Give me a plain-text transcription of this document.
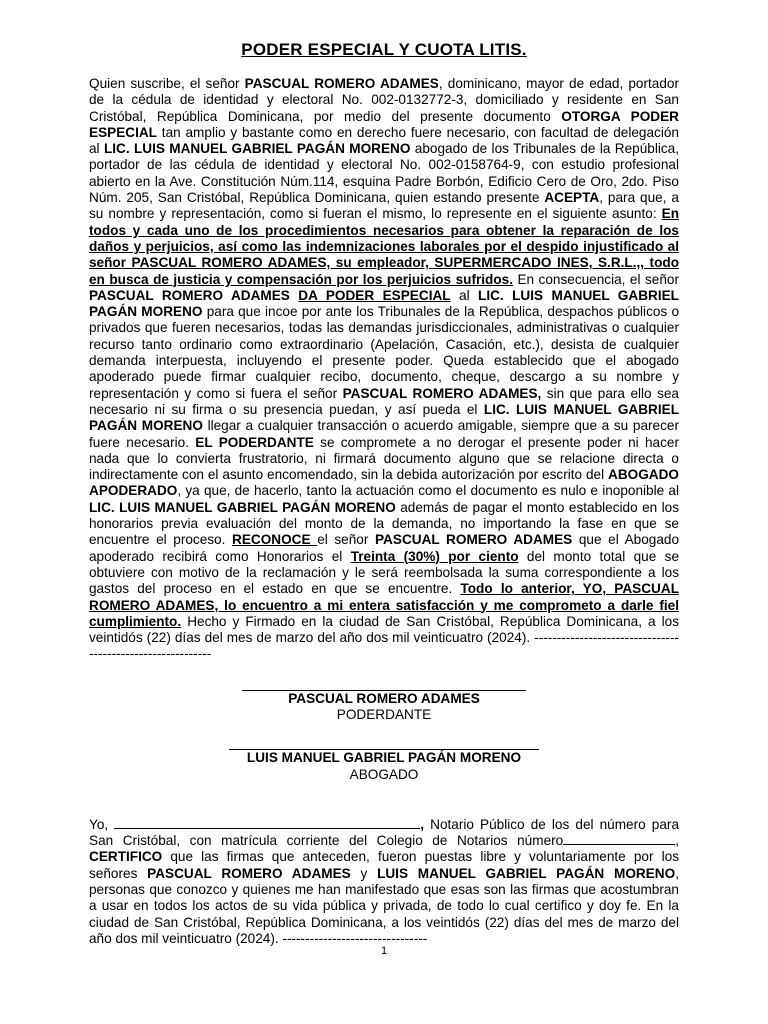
PODER ESPECIAL Y CUOTA LITIS.

Quien suscribe, el señor PASCUAL ROMERO ADAMES, dominicano, mayor de edad, portador de la cédula de identidad y electoral No. 002-0132772-3, domiciliado y residente en San Cristóbal, República Dominicana, por medio del presente documento OTORGA PODER ESPECIAL tan amplio y bastante como en derecho fuere necesario, con facultad de delegación al LIC. LUIS MANUEL GABRIEL PAGÁN MORENO abogado de los Tribunales de la República, portador de las cédula de identidad y electoral No. 002-0158764-9, con estudio profesional abierto en la Ave. Constitución Núm.114, esquina Padre Borbón, Edificio Cero de Oro, 2do. Piso Núm. 205, San Cristóbal, República Dominicana, quien estando presente ACEPTA, para que, a su nombre y representación, como si fueran el mismo, lo represente en el siguiente asunto: En todos y cada uno de los procedimientos necesarios para obtener la reparación de los daños y perjuicios, así como las indemnizaciones laborales por el despido injustificado al señor PASCUAL ROMERO ADAMES, su empleador, SUPERMERCADO INES, S.R.L.,, todo en busca de justicia y compensación por los perjuicios sufridos. En consecuencia, el señor PASCUAL ROMERO ADAMES DA PODER ESPECIAL al LIC. LUIS MANUEL GABRIEL PAGÁN MORENO para que incoe por ante los Tribunales de la República, despachos públicos o privados que fueren necesarios, todas las demandas jurisdiccionales, administrativas o cualquier recurso tanto ordinario como extraordinario (Apelación, Casación, etc.), desista de cualquier demanda interpuesta, incluyendo el presente poder. Queda establecido que el abogado apoderado puede firmar cualquier recibo, documento, cheque, descargo a su nombre y representación y como si fuera el señor PASCUAL ROMERO ADAMES, sin que para ello sea necesario ni su firma o su presencia puedan, y así pueda el LIC. LUIS MANUEL GABRIEL PAGÁN MORENO llegar a cualquier transacción o acuerdo amigable, siempre que a su parecer fuere necesario. EL PODERDANTE se compromete a no derogar el presente poder ni hacer nada que lo convierta frustratorio, ni firmará documento alguno que se relacione directa o indirectamente con el asunto encomendado, sin la debida autorización por escrito del ABOGADO APODERADO, ya que, de hacerlo, tanto la actuación como el documento es nulo e inoponible al LIC. LUIS MANUEL GABRIEL PAGÁN MORENO además de pagar el monto establecido en los honorarios previa evaluación del monto de la demanda, no importando la fase en que se encuentre el proceso. RECONOCE el señor PASCUAL ROMERO ADAMES que el Abogado apoderado recibirá como Honorarios el Treinta (30%) por ciento del monto total que se obtuviere con motivo de la reclamación y le será reembolsada la suma correspondiente a los gastos del proceso en el estado en que se encuentre. Todo lo anterior, YO, PASCUAL ROMERO ADAMES, lo encuentro a mi entera satisfacción y me comprometo a darle fiel cumplimiento. Hecho y Firmado en la ciudad de San Cristóbal, República Dominicana, a los veintidós (22) días del mes de marzo del año dos mil veinticuatro (2024). -----------------------------------------------------------

PASCUAL ROMERO ADAMES
PODERDANTE
LUIS MANUEL GABRIEL PAGÁN MORENO
ABOGADO

Yo,	, Notario Público de los del número para San Cristóbal, con matrícula corriente del Colegio de Notarios número	, CERTIFICO que las firmas que anteceden, fueron puestas libre y voluntariamente por los señores PASCUAL ROMERO ADAMES y LUIS MANUEL GABRIEL PAGÁN MORENO, personas que conozco y quienes me han manifestado que esas son las firmas que acostumbran a usar en todos los actos de su vida pública y privada, de todo lo cual certifico y doy fe. En la ciudad de San Cristóbal, República Dominicana, a los veintidós (22) días del mes de marzo del año dos mil veinticuatro (2024). --------------------------------

1
